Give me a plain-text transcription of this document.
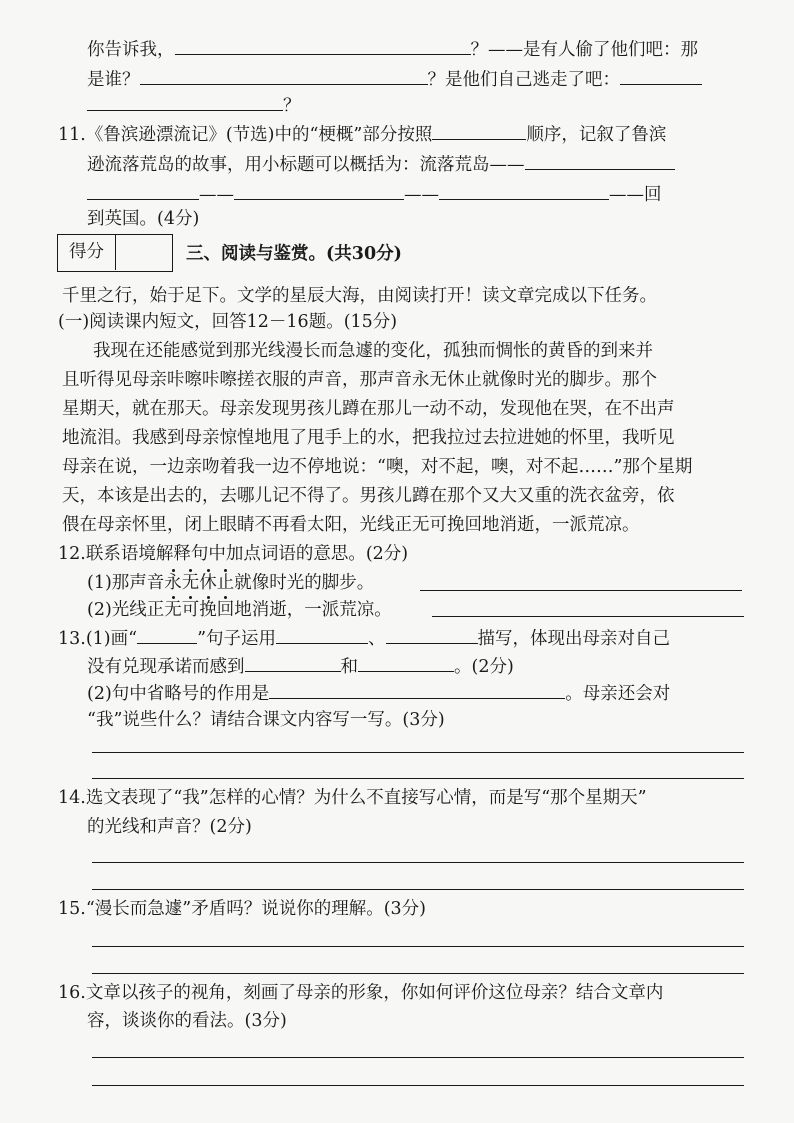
你告诉我，	？——是有人偷了他们吧：那
是谁？	？是他们自己逃走了吧：
？
11.《鲁滨逊漂流记》(节选)中的“梗概”部分按照	顺序，记叙了鲁滨
逊流落荒岛的故事，用小标题可以概括为：流落荒岛——
——	——	——回
到英国。(4分)
得分	三、阅读与鉴赏。(共30分)
千里之行，始于足下。文学的星辰大海，由阅读打开！读文章完成以下任务。
(一)阅读课内短文，回答12－16题。(15分)
我现在还能感觉到那光线漫长而急遽的变化，孤独而惆怅的黄昏的到来并
且听得见母亲咔嚓咔嚓搓衣服的声音，那声音永无休止就像时光的脚步。那个
星期天，就在那天。母亲发现男孩儿蹲在那儿一动不动，发现他在哭，在不出声
地流泪。我感到母亲惊惶地甩了甩手上的水，把我拉过去拉进她的怀里，我听见
母亲在说，一边亲吻着我一边不停地说：“噢，对不起，噢，对不起……”那个星期
天，本该是出去的，去哪儿记不得了。男孩儿蹲在那个又大又重的洗衣盆旁，依
偎在母亲怀里，闭上眼睛不再看太阳，光线正无可挽回地消逝，一派荒凉。
12.联系语境解释句中加点词语的意思。(2分)
(1)那声音永无休止就像时光的脚步。
(2)光线正无可挽回地消逝，一派荒凉。
13.(1)画“	”句子运用	、	描写，体现出母亲对自己
没有兑现承诺而感到	和	。(2分)
(2)句中省略号的作用是	。母亲还会对
“我”说些什么？请结合课文内容写一写。(3分)
14.选文表现了“我”怎样的心情？为什么不直接写心情，而是写“那个星期天”
的光线和声音？(2分)
15.“漫长而急遽”矛盾吗？说说你的理解。(3分)
16.文章以孩子的视角，刻画了母亲的形象，你如何评价这位母亲？结合文章内
容，谈谈你的看法。(3分)
